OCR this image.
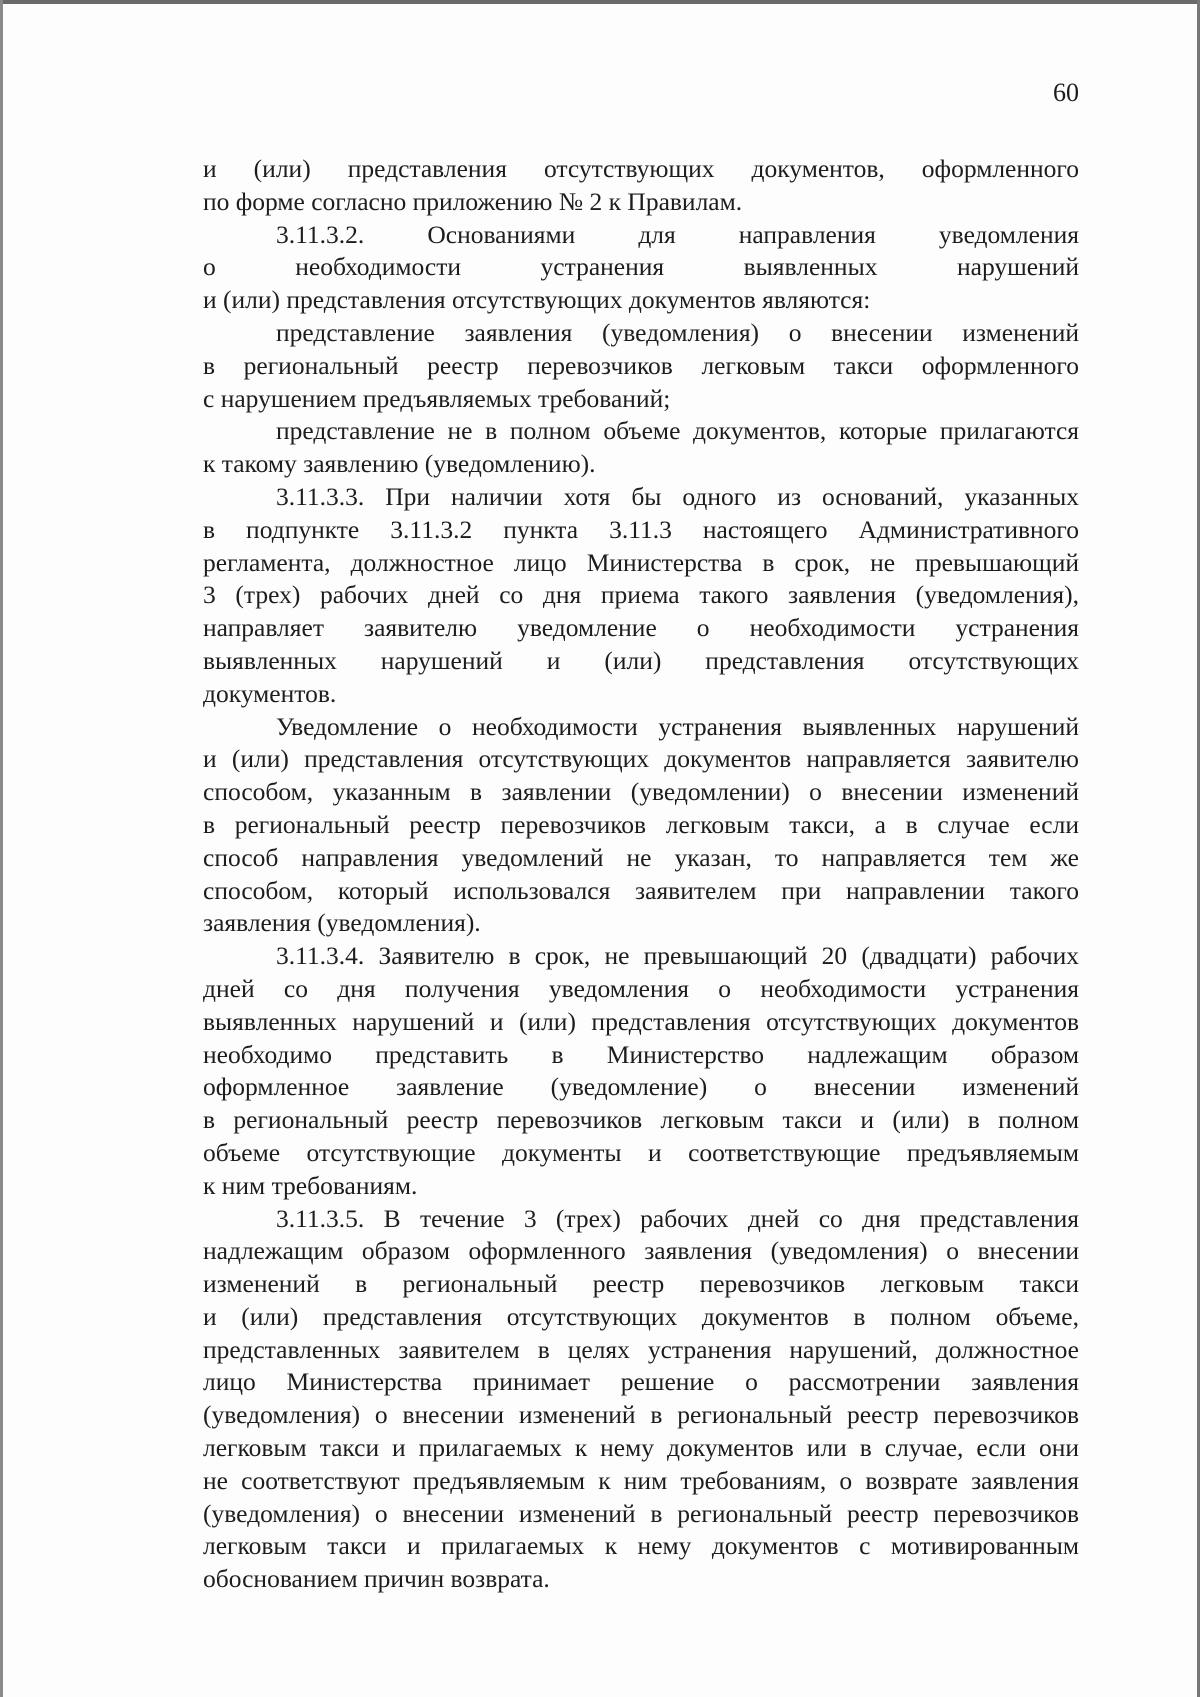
60
и (или) представления отсутствующих документов, оформленного
по форме согласно приложению № 2 к Правилам.
3.11.3.2. Основаниями для направления уведомления
о необходимости устранения выявленных нарушений
и (или) представления отсутствующих документов являются:
представление заявления (уведомления) о внесении изменений
в региональный реестр перевозчиков легковым такси оформленного
с нарушением предъявляемых требований;
представление не в полном объеме документов, которые прилагаются
к такому заявлению (уведомлению).
3.11.3.3. При наличии хотя бы одного из оснований, указанных
в подпункте 3.11.3.2 пункта 3.11.3 настоящего Административного
регламента, должностное лицо Министерства в срок, не превышающий
3 (трех) рабочих дней со дня приема такого заявления (уведомления),
направляет заявителю уведомление о необходимости устранения
выявленных нарушений и (или) представления отсутствующих
документов.
Уведомление о необходимости устранения выявленных нарушений
и (или) представления отсутствующих документов направляется заявителю
способом, указанным в заявлении (уведомлении) о внесении изменений
в региональный реестр перевозчиков легковым такси, а в случае если
способ направления уведомлений не указан, то направляется тем же
способом, который использовался заявителем при направлении такого
заявления (уведомления).
3.11.3.4. Заявителю в срок, не превышающий 20 (двадцати) рабочих
дней со дня получения уведомления о необходимости устранения
выявленных нарушений и (или) представления отсутствующих документов
необходимо представить в Министерство надлежащим образом
оформленное заявление (уведомление) о внесении изменений
в региональный реестр перевозчиков легковым такси и (или) в полном
объеме отсутствующие документы и соответствующие предъявляемым
к ним требованиям.
3.11.3.5. В течение 3 (трех) рабочих дней со дня представления
надлежащим образом оформленного заявления (уведомления) о внесении
изменений в региональный реестр перевозчиков легковым такси
и (или) представления отсутствующих документов в полном объеме,
представленных заявителем в целях устранения нарушений, должностное
лицо Министерства принимает решение о рассмотрении заявления
(уведомления) о внесении изменений в региональный реестр перевозчиков
легковым такси и прилагаемых к нему документов или в случае, если они
не соответствуют предъявляемым к ним требованиям, о возврате заявления
(уведомления) о внесении изменений в региональный реестр перевозчиков
легковым такси и прилагаемых к нему документов с мотивированным
обоснованием причин возврата.
